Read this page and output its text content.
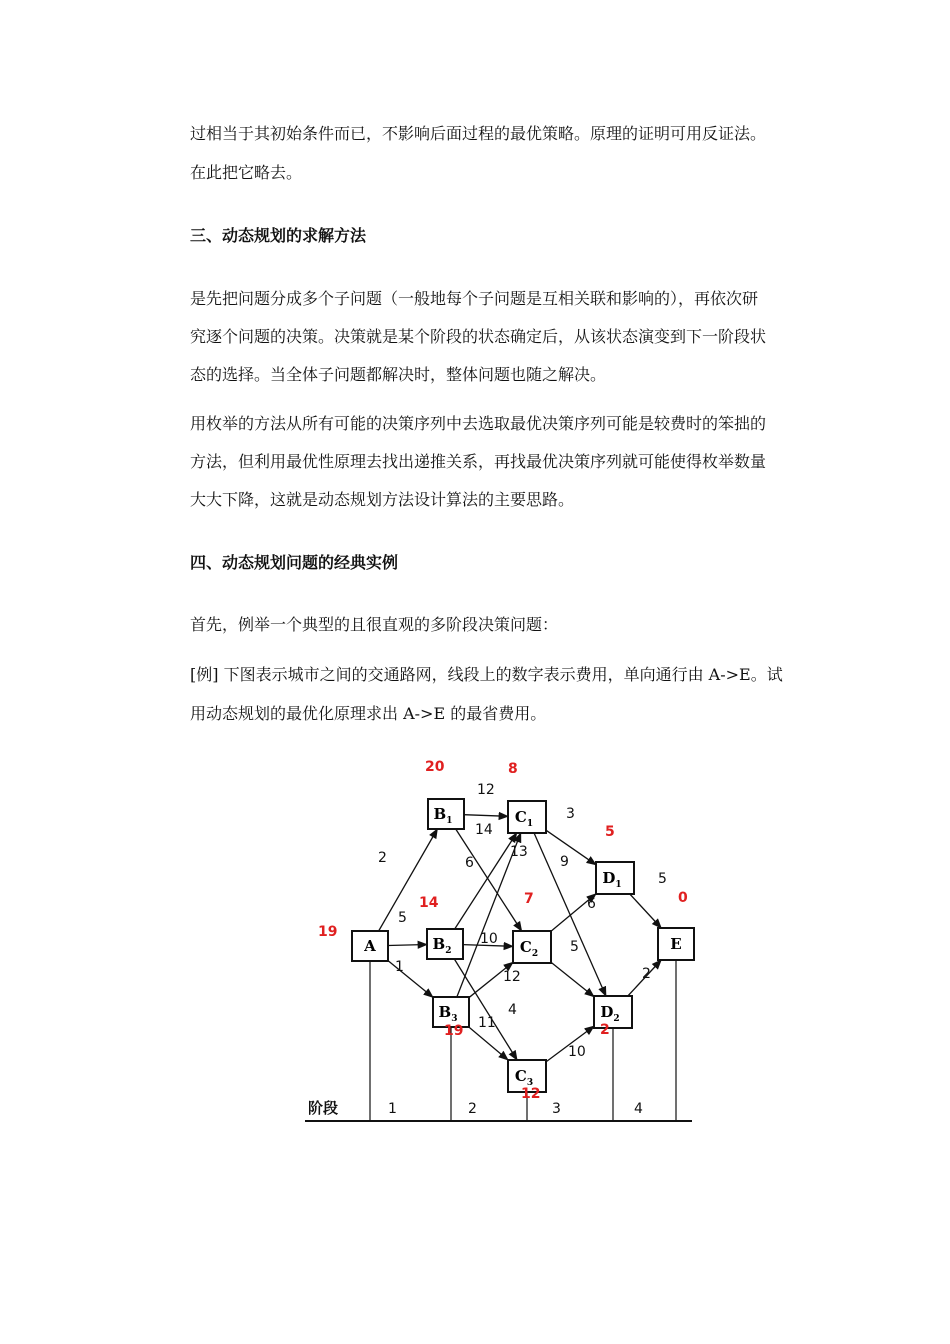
过相当于其初始条件而已，不影响后面过程的最优策略。原理的证明可用反证法。
在此把它略去。
三、动态规划的求解方法
是先把问题分成多个子问题（一般地每个子问题是互相关联和影响的），再依次研
究逐个问题的决策。决策就是某个阶段的状态确定后，从该状态演变到下一阶段状
态的选择。当全体子问题都解决时，整体问题也随之解决。
用枚举的方法从所有可能的决策序列中去选取最优决策序列可能是较费时的笨拙的
方法，但利用最优性原理去找出递推关系，再找最优决策序列就可能使得枚举数量
大大下降，这就是动态规划方法设计算法的主要思路。
四、动态规划问题的经典实例
首先，例举一个典型的且很直观的多阶段决策问题：
[例] 下图表示城市之间的交通路网，线段上的数字表示费用，单向通行由 A->E。试
用动态规划的最优化原理求出 A->E 的最省费用。
阶段	1	2	3	4
2
5
1
12
14
6
10
4
13
12
11
3
9
6
5
10
5
2
A
19
$B_1$
20
$B_2$
14
$B_3$
19
$C_1$
8
$C_2$
7
$C_3$
12
$D_1$
5
$D_2$
2
E
0
